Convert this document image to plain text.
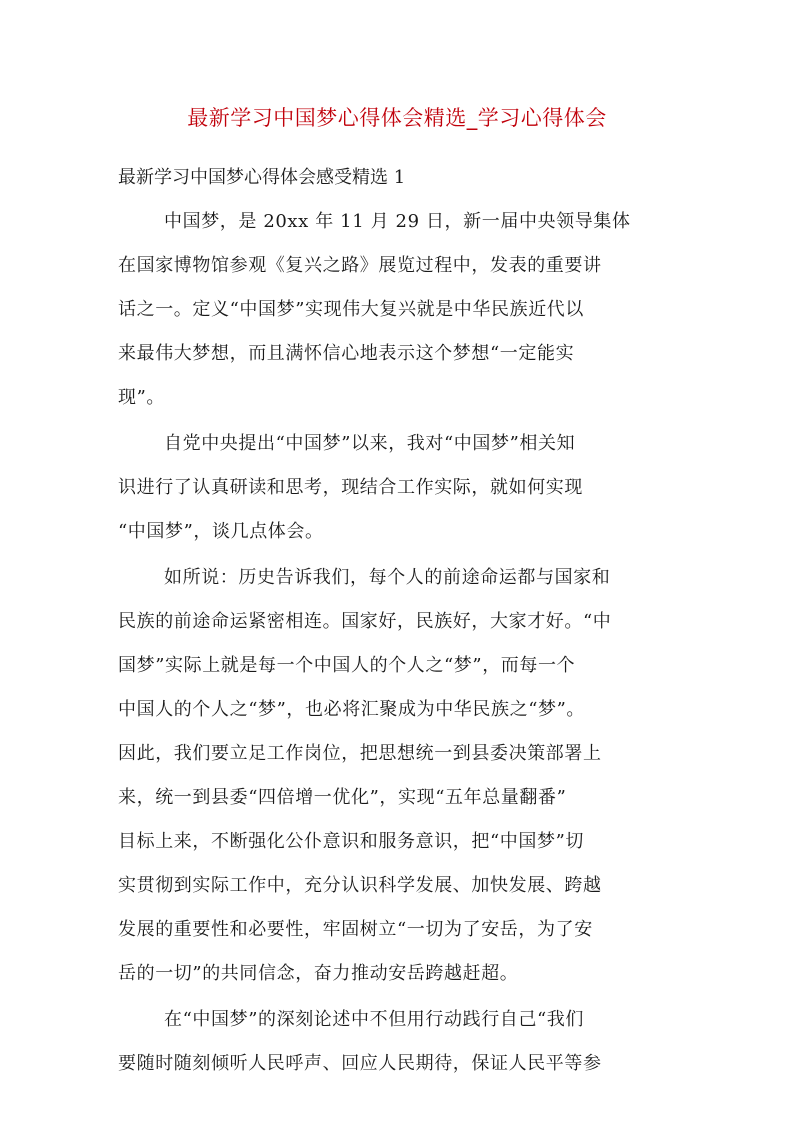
最新学习中国梦心得体会精选_学习心得体会
最新学习中国梦心得体会感受精选 1
中国梦，是 20xx 年 11 月 29 日，新一届中央领导集体
在国家博物馆参观《复兴之路》展览过程中，发表的重要讲
话之一。定义“中国梦”实现伟大复兴就是中华民族近代以
来最伟大梦想，而且满怀信心地表示这个梦想“一定能实
现”。
自党中央提出“中国梦”以来，我对“中国梦”相关知
识进行了认真研读和思考，现结合工作实际，就如何实现
“中国梦”，谈几点体会。
如所说：历史告诉我们，每个人的前途命运都与国家和
民族的前途命运紧密相连。国家好，民族好，大家才好。“中
国梦”实际上就是每一个中国人的个人之“梦”，而每一个
中国人的个人之“梦”，也必将汇聚成为中华民族之“梦”。
因此，我们要立足工作岗位，把思想统一到县委决策部署上
来，统一到县委“四倍增一优化”，实现“五年总量翻番”
目标上来，不断强化公仆意识和服务意识，把“中国梦”切
实贯彻到实际工作中，充分认识科学发展、加快发展、跨越
发展的重要性和必要性，牢固树立“一切为了安岳，为了安
岳的一切”的共同信念，奋力推动安岳跨越赶超。
在“中国梦”的深刻论述中不但用行动践行自己“我们
要随时随刻倾听人民呼声、回应人民期待，保证人民平等参
